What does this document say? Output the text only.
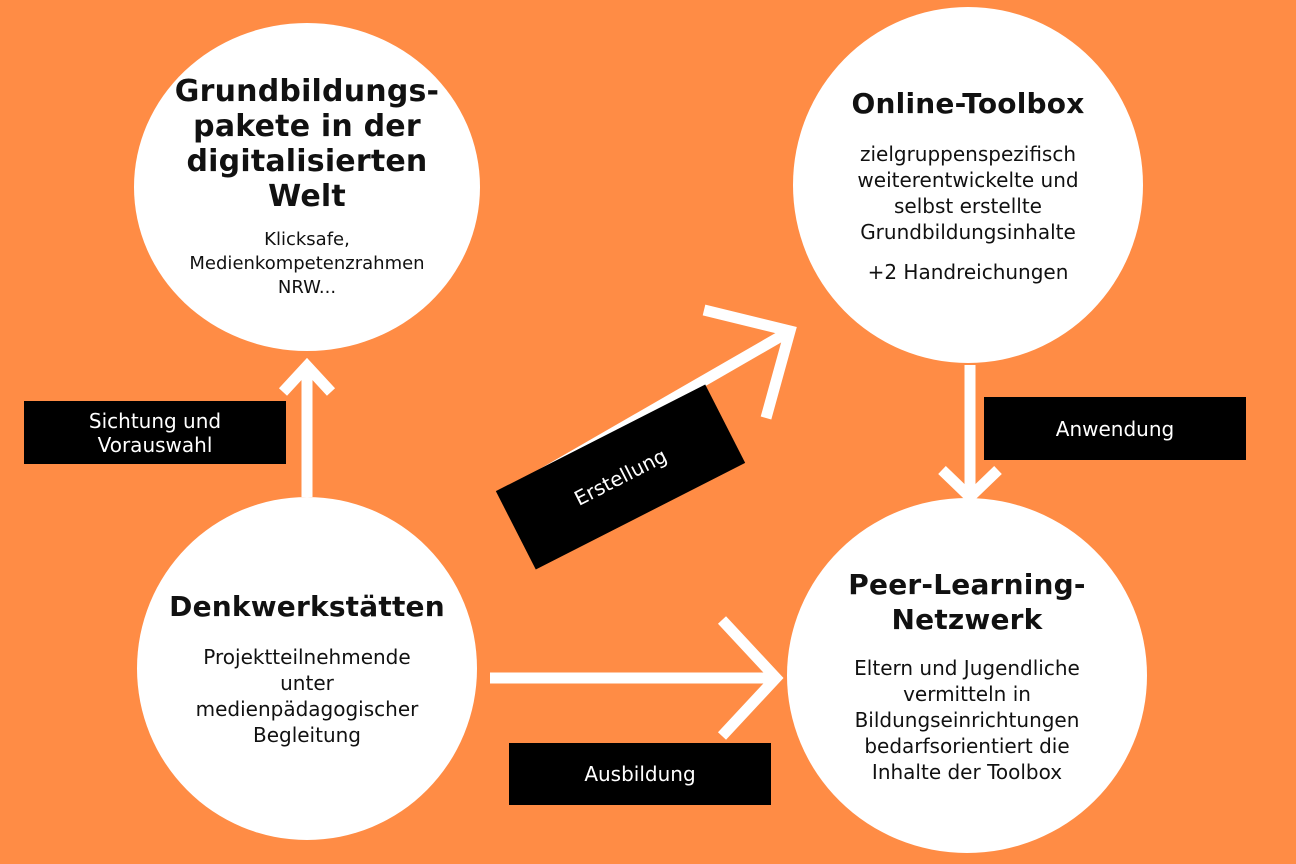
Grundbildungs-
pakete in der
digitalisierten Welt
Klicksafe,
Medienkompetenzrahmen
NRW...
Online-Toolbox
zielgruppenspezifisch
weiterentwickelte und
selbst erstellte
Grundbildungsinhalte
+2 Handreichungen
Denkwerkstätten
Projektteilnehmende
unter
medienpädagogischer
Begleitung
Peer-Learning-
Netzwerk
Eltern und Jugendliche
vermitteln in
Bildungseinrichtungen
bedarfsorientiert die
Inhalte der Toolbox
Sichtung und
Vorauswahl	Erstellung
Anwendung
Ausbildung
